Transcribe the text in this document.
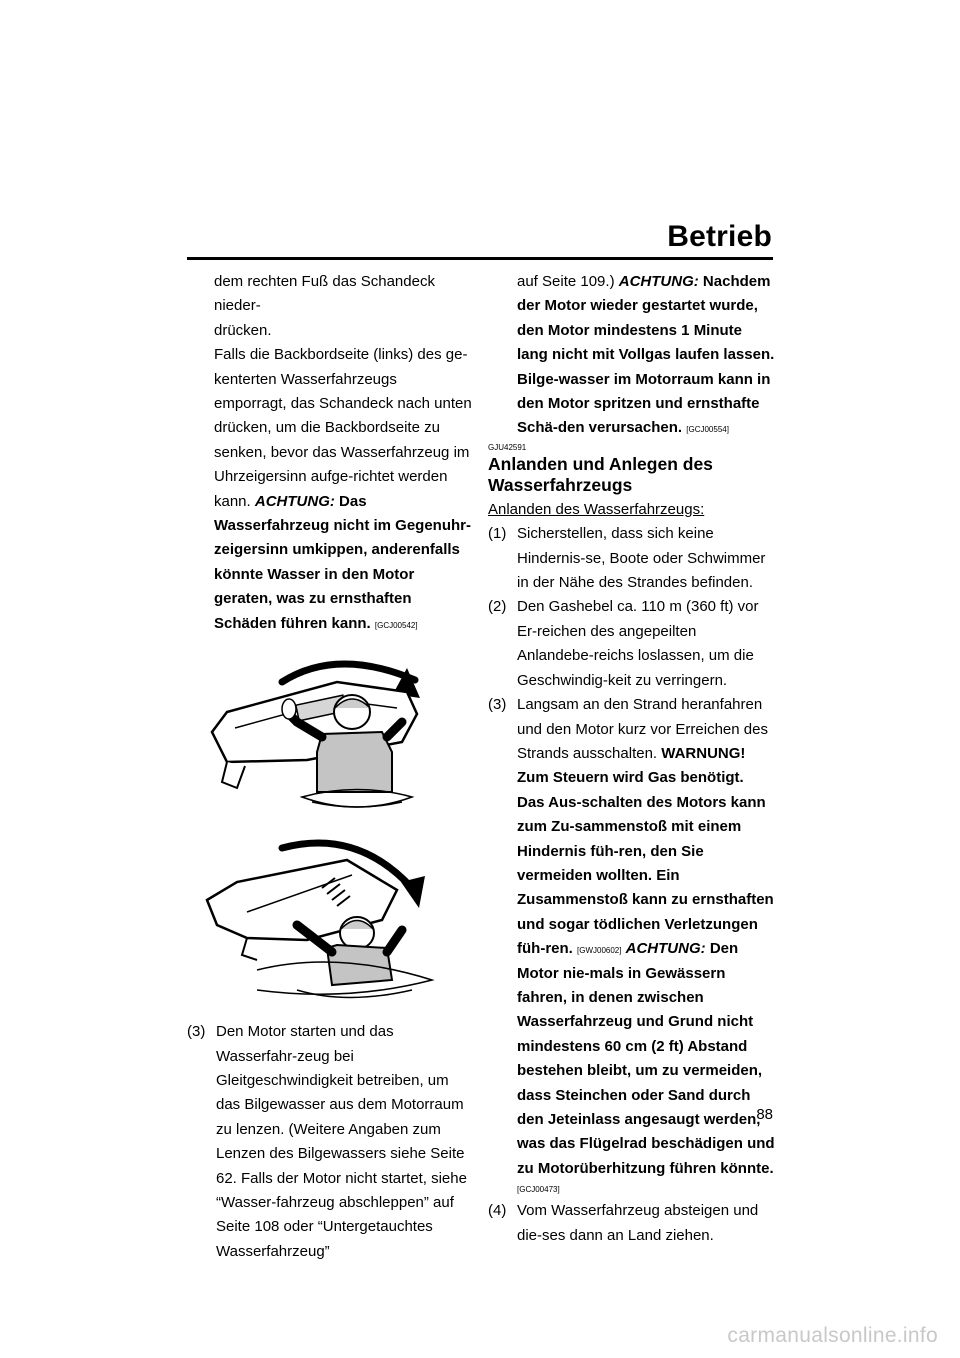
Betrieb

dem rechten Fuß das Schandeck nieder-

drücken.

Falls die Backbordseite (links) des ge-kenterten Wasserfahrzeugs emporragt, das Schandeck nach unten drücken, um die Backbordseite zu senken, bevor das Wasserfahrzeug im Uhrzeigersinn aufge-richtet werden kann. ACHTUNG: Das Wasserfahrzeug nicht im Gegenuhr-zeigersinn umkippen, anderenfalls könnte Wasser in den Motor geraten, was zu ernsthaften Schäden führen kann. [GCJ00542]

(3) Den Motor starten und das Wasserfahr-zeug bei Gleitgeschwindigkeit betreiben, um das Bilgewasser aus dem Motorraum zu lenzen. (Weitere Angaben zum Lenzen des Bilgewassers siehe Seite 62. Falls der Motor nicht startet, siehe “Wasser-fahrzeug abschleppen” auf Seite 108 oder “Untergetauchtes Wasserfahrzeug”

auf Seite 109.) ACHTUNG: Nachdem der Motor wieder gestartet wurde, den Motor mindestens 1 Minute lang nicht mit Vollgas laufen lassen. Bilge-wasser im Motorraum kann in den Motor spritzen und ernsthafte Schä-den verursachen. [GCJ00554]

GJU42591
Anlanden und Anlegen des Wasserfahrzeugs
Anlanden des Wasserfahrzeugs:
(1) Sicherstellen, dass sich keine Hindernis-se, Boote oder Schwimmer in der Nähe des Strandes befinden.
(2) Den Gashebel ca. 110 m (360 ft) vor Er-reichen des angepeilten Anlandebe-reichs loslassen, um die Geschwindig-keit zu verringern.
(3) Langsam an den Strand heranfahren und den Motor kurz vor Erreichen des Strands ausschalten. WARNUNG! Zum Steuern wird Gas benötigt. Das Aus-schalten des Motors kann zum Zu-sammenstoß mit einem Hindernis füh-ren, den Sie vermeiden wollten. Ein Zusammenstoß kann zu ernsthaften und sogar tödlichen Verletzungen füh-ren. [GWJ00602] ACHTUNG: Den Motor nie-mals in Gewässern fahren, in denen zwischen Wasserfahrzeug und Grund nicht mindestens 60 cm (2 ft) Abstand bestehen bleibt, um zu vermeiden, dass Steinchen oder Sand durch den Jeteinlass angesaugt werden, was das Flügelrad beschädigen und zu Motorüberhitzung führen könnte.
[GCJ00473]
(4) Vom Wasserfahrzeug absteigen und die-ses dann an Land ziehen.
88
carmanualsonline.info
